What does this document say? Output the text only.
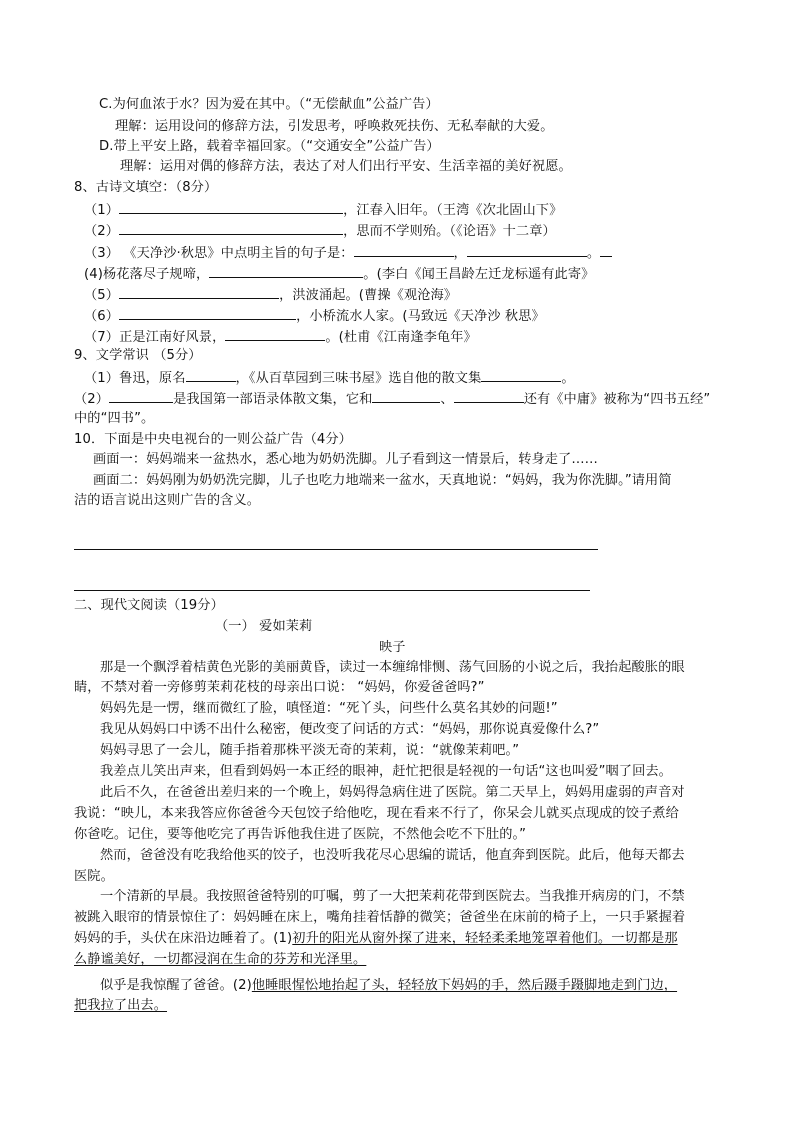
C.为何血浓于水？因为爱在其中。（“无偿献血”公益广告）
理解：运用设问的修辞方法，引发思考，呼唤救死扶伤、无私奉献的大爱。
D.带上平安上路，载着幸福回家。（“交通安全”公益广告）
理解：运用对偶的修辞方法，表达了对人们出行平安、生活幸福的美好祝愿。
8、古诗文填空：（8分）
（1）	，江春入旧年。（王湾《次北固山下》
（2）	，思而不学则殆。（《论语》十二章）
（3） 《天净沙·秋思》中点明主旨的句子是：	，	。
(4)杨花落尽子规啼，	。(李白《闻王昌龄左迁龙标遥有此寄》
（5）	，洪波涌起。(曹操《观沧海》
（6）	，小桥流水人家。(马致远《天净沙 秋思》
（7）正是江南好风景，	。(杜甫《江南逢李龟年》
9、文学常识 （5分）
（1）鲁迅，原名	，《从百草园到三味书屋》选自他的散文集	。
（2）	是我国第一部语录体散文集，它和	、	还有《中庸》被称为“四书五经”
中的“四书”。
10．下面是中央电视台的一则公益广告（4分）
画面一：妈妈端来一盆热水，悉心地为奶奶洗脚。儿子看到这一情景后，转身走了……
画面二：妈妈刚为奶奶洗完脚，儿子也吃力地端来一盆水，天真地说：“妈妈，我为你洗脚。”请用简
洁的语言说出这则广告的含义。
二、现代文阅读（19分）
（一） 爱如茉莉
映子
那是一个飘浮着桔黄色光影的美丽黄昏，读过一本缠绵悱恻、荡气回肠的小说之后，我抬起酸胀的眼
睛，不禁对着一旁修剪茉莉花枝的母亲出口说： “妈妈，你爱爸爸吗?”
妈妈先是一愣，继而微红了脸，嗔怪道：“死丫头，问些什么莫名其妙的问题!”
我见从妈妈口中诱不出什么秘密，便改变了问话的方式：“妈妈，那你说真爱像什么?”
妈妈寻思了一会儿，随手指着那株平淡无奇的茉莉，说：“就像茉莉吧。”
我差点儿笑出声来，但看到妈妈一本正经的眼神，赶忙把很是轻视的一句话“这也叫爱”咽了回去。
此后不久，在爸爸出差归来的一个晚上，妈妈得急病住进了医院。第二天早上，妈妈用虚弱的声音对
我说：“映儿，本来我答应你爸爸今天包饺子给他吃，现在看来不行了，你呆会儿就买点现成的饺子煮给
你爸吃。记住，要等他吃完了再告诉他我住进了医院，不然他会吃不下肚的。”
然而，爸爸没有吃我给他买的饺子，也没听我花尽心思编的谎话，他直奔到医院。此后，他每天都去
医院。
一个清新的早晨。我按照爸爸特别的叮嘱，剪了一大把茉莉花带到医院去。当我推开病房的门，不禁
被跳入眼帘的情景惊住了：妈妈睡在床上，嘴角挂着恬静的微笑；爸爸坐在床前的椅子上，一只手紧握着
妈妈的手，头伏在床沿边睡着了。(1)初升的阳光从窗外探了进来，轻轻柔柔地笼罩着他们。一切都是那
么静谧美好，一切都浸润在生命的芬芳和光泽里。
似乎是我惊醒了爸爸。(2)他睡眼惺忪地抬起了头，轻轻放下妈妈的手，然后蹑手蹑脚地走到门边，
把我拉了出去。
